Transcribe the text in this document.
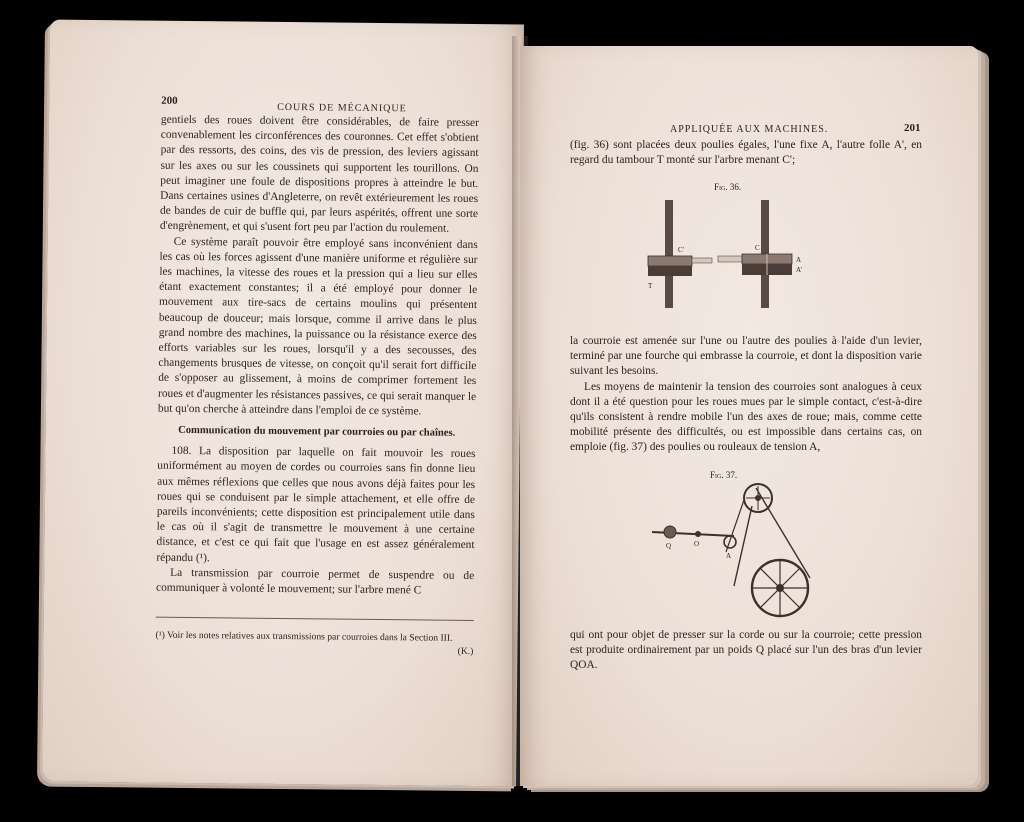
200
COURS DE MÉCANIQUE

gentiels des roues doivent être considérables, de faire presser convenablement les circonférences des couronnes. Cet effet s'obtient par des ressorts, des coins, des vis de pression, des leviers agissant sur les axes ou sur les coussinets qui supportent les tourillons. On peut imaginer une foule de dispositions propres à atteindre le but. Dans certaines usines d'Angleterre, on revêt extérieurement les roues de bandes de cuir de buffle qui, par leurs aspérités, offrent une sorte d'engrènement, et qui s'usent fort peu par l'action du roulement.

Ce système paraît pouvoir être employé sans inconvénient dans les cas où les forces agissent d'une manière uniforme et régulière sur les machines, la vitesse des roues et la pression qui a lieu sur elles étant exactement constantes; il a été employé pour donner le mouvement aux tire-sacs de certains moulins qui présentent beaucoup de douceur; mais lorsque, comme il arrive dans le plus grand nombre des machines, la puissance ou la résistance exerce des efforts variables sur les roues, lorsqu'il y a des secousses, des changements brusques de vitesse, on conçoit qu'il serait fort difficile de s'opposer au glissement, à moins de comprimer fortement les roues et d'augmenter les résistances passives, ce qui serait manquer le but qu'on cherche à atteindre dans l'emploi de ce système.

Communication du mouvement par courroies ou par chaînes.

108. La disposition par laquelle on fait mouvoir les roues uniformément au moyen de cordes ou courroies sans fin donne lieu aux mêmes réflexions que celles que nous avons déjà faites pour les roues qui se conduisent par le simple attachement, et elle offre de pareils inconvénients; cette disposition est principalement utile dans le cas où il s'agit de transmettre le mouvement à une certaine distance, et c'est ce qui fait que l'usage en est assez généralement répandu (¹).

La transmission par courroie permet de suspendre ou de communiquer à volonté le mouvement; sur l'arbre mené C

(¹) Voir les notes relatives aux transmissions par courroies dans la Section III.
(K.)
APPLIQUÉE AUX MACHINES.	201

(fig. 36) sont placées deux poulies égales, l'une fixe A, l'autre folle A', en regard du tambour T monté sur l'arbre menant C';

Fig. 36.
C'	C
A
A'
T

la courroie est amenée sur l'une ou l'autre des poulies à l'aide d'un levier, terminé par une fourche qui embrasse la courroie, et dont la disposition varie suivant les besoins.

Les moyens de maintenir la tension des courroies sont analogues à ceux dont il a été question pour les roues mues par le simple contact, c'est-à-dire qu'ils consistent à rendre mobile l'un des axes de roue; mais, comme cette mobilité présente des difficultés, ou est impossible dans certains cas, on emploie (fig. 37) des poulies ou rouleaux de tension A,

Fig. 37.
Q	O
A

qui ont pour objet de presser sur la corde ou sur la courroie; cette pression est produite ordinairement par un poids Q placé sur l'un des bras d'un levier QOA.
